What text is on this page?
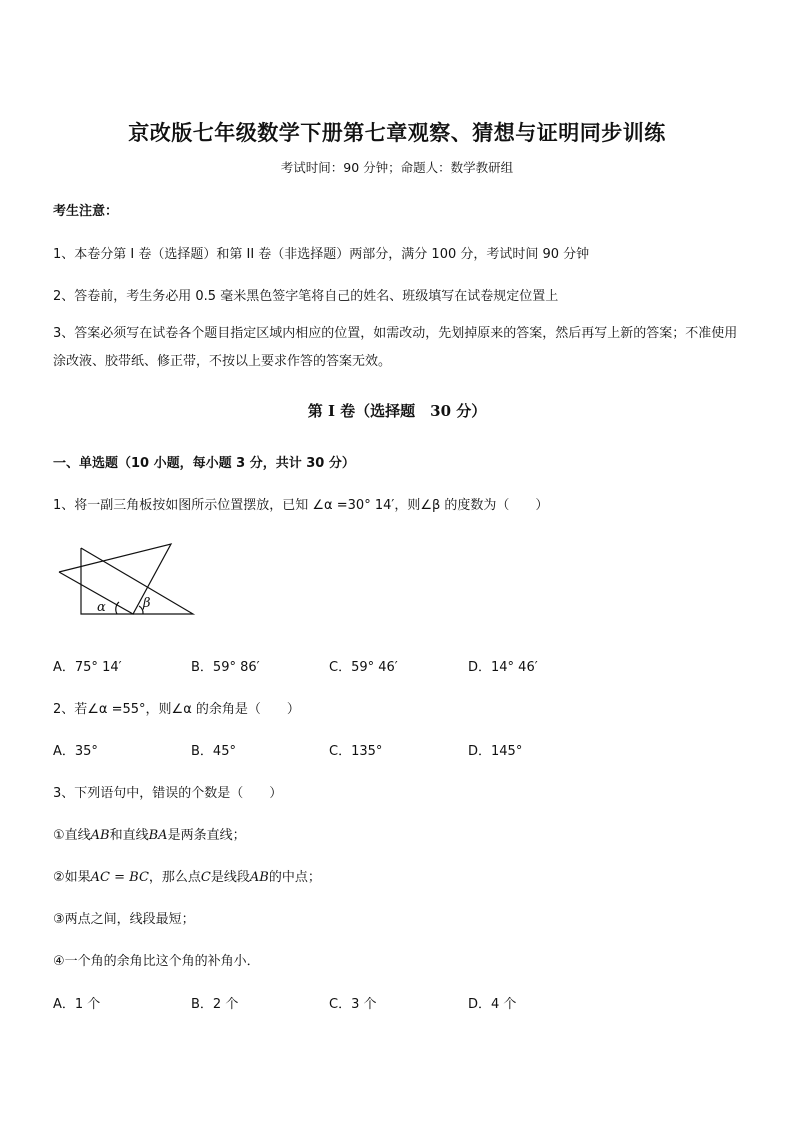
京改版七年级数学下册第七章观察、猜想与证明同步训练
考试时间：90 分钟；命题人：数学教研组
考生注意：
1、本卷分第 I 卷（选择题）和第 II 卷（非选择题）两部分，满分 100 分，考试时间 90 分钟
2、答卷前，考生务必用 0.5 毫米黑色签字笔将自己的姓名、班级填写在试卷规定位置上
3、答案必须写在试卷各个题目指定区域内相应的位置，如需改动，先划掉原来的答案，然后再写上新的答案；不准使用涂改液、胶带纸、修正带，不按以上要求作答的答案无效。
第 I 卷（选择题　30 分）
一、单选题（10 小题，每小题 3 分，共计 30 分）
1、将一副三角板按如图所示位置摆放，已知 ∠α =30° 14′，则∠β 的度数为（　　）
α	β
A．75° 14′	B．59° 86′	C．59° 46′	D．14° 46′
2、若∠α =55°，则∠α 的余角是（　　）
A．35°	B．45°	C．135°	D．145°
3、下列语句中，错误的个数是（　　）
①直线AB和直线BA是两条直线；
②如果AC = BC，那么点C是线段AB的中点；
③两点之间，线段最短；
④一个角的余角比这个角的补角小．
A．1 个	B．2 个	C．3 个	D．4 个
